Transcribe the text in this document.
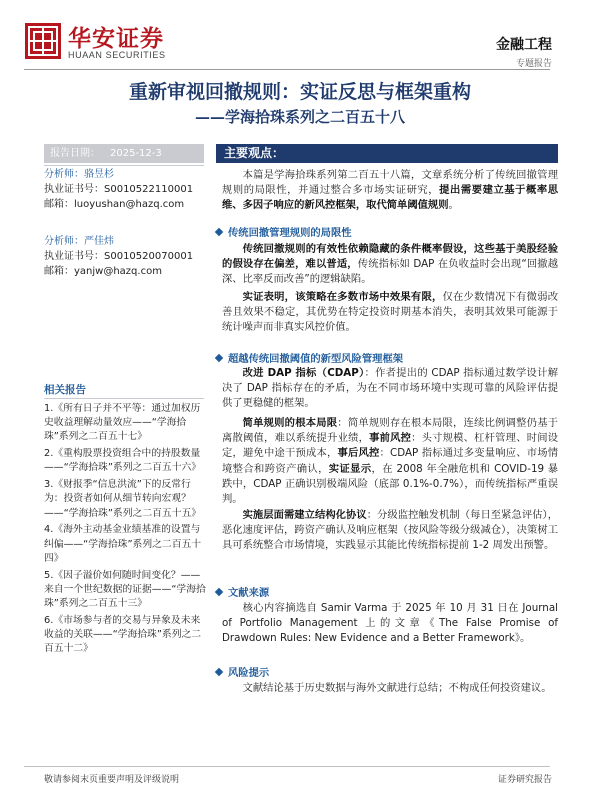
华安证券
HUAAN SECURITIES
金融工程
专题报告
重新审视回撤规则：实证反思与框架重构
——学海拾珠系列之二百五十八
报告日期： 2025-12-3
分析师：骆昱杉
执业证书号：S0010522110001
邮箱：luoyushan@hazq.com
分析师：严佳炜
执业证书号：S0010520070001
邮箱：yanjw@hazq.com
相关报告
1.《所有日子并不平等：通过加权历史收益理解动量效应——“学海拾珠”系列之二百五十七》
2.《重构股票投资组合中的持股数量——“学海拾珠”系列之二百五十六》
3.《财报季“信息洪流”下的反常行为：投资者如何从细节转向宏观？——“学海拾珠”系列之二百五十五》
4.《海外主动基金业绩基准的设置与纠偏——“学海拾珠”系列之二百五十四》
5.《因子溢价如何随时间变化？——来自一个世纪数据的证据——“学海拾珠”系列之二百五十三》
6.《市场参与者的交易与异象及未来收益的关联——“学海拾珠”系列之二百五十二》
主要观点：
本篇是学海拾珠系列第二百五十八篇，文章系统分析了传统回撤管理规则的局限性，并通过整合多市场实证研究，提出需要建立基于概率思维、多因子响应的新风控框架，取代简单阈值规则。
传统回撤管理规则的局限性
传统回撤规则的有效性依赖隐藏的条件概率假设，这些基于美股经验的假设存在偏差，难以普适，传统指标如 DAP 在负收益时会出现“回撤越深、比率反而改善”的逻辑缺陷。
实证表明，该策略在多数市场中效果有限，仅在少数情况下有微弱改善且效果不稳定，其优势在特定投资时期基本消失，表明其效果可能源于统计噪声而非真实风控价值。
超越传统回撤阈值的新型风险管理框架
改进 DAP 指标（CDAP）：作者提出的 CDAP 指标通过数学设计解决了 DAP 指标存在的矛盾，为在不同市场环境中实现可靠的风险评估提供了更稳健的框架。
简单规则的根本局限：简单规则存在根本局限，连续比例调整仍基于离散阈值，难以系统提升业绩，事前风控：头寸规模、杠杆管理、时间设定，避免中途干预成本，事后风控：CDAP 指标通过多变量响应、市场情境整合和跨资产确认，实证显示，在 2008 年全融危机和 COVID-19 暴跌中，CDAP 正确识别极端风险（底部 0.1%-0.7%），而传统指标严重误判。
实施层面需建立结构化协议：分级监控触发机制（每日至紧急评估），恶化速度评估，跨资产确认及响应框架（按风险等级分级减仓），决策树工具可系统整合市场情境，实践显示其能比传统指标提前 1-2 周发出预警。
文献来源
核心内容摘选自 Samir Varma 于 2025 年 10 月 31 日在 Journal of Portfolio Management 上的文章《The False Promise of Drawdown Rules: New Evidence and a Better Framework》。
风险提示
文献结论基于历史数据与海外文献进行总结；不构成任何投资建议。
敬请参阅末页重要声明及评级说明	证券研究报告
